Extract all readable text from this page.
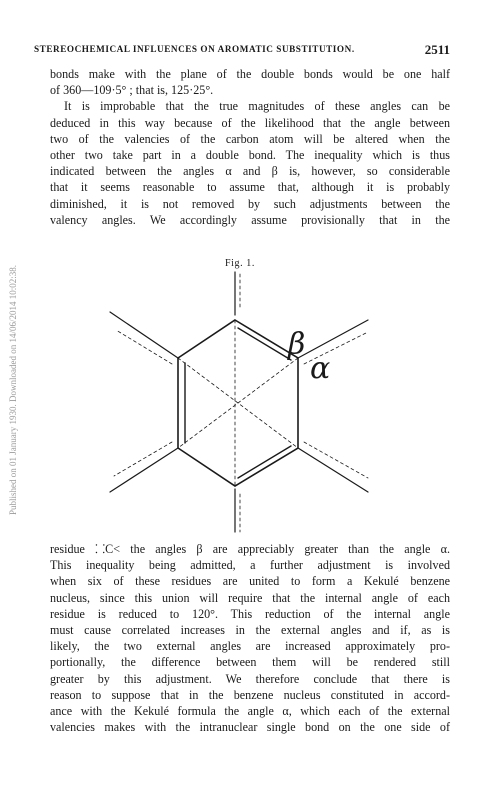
STEREOCHEMICAL INFLUENCES ON AROMATIC SUBSTITUTION.	2511
Published on 01 January 1930. Downloaded on 14/06/2014 10:02:38.

bonds make with the plane of the double bonds would be one half
of 360—109·5° ; that is, 125·25°.

It is improbable that the true magnitudes of these angles can be
deduced in this way because of the likelihood that the angle between
two of the valencies of the carbon atom will be altered when the
other two take part in a double bond. The inequality which is thus
indicated between the angles α and β is, however, so considerable
that it seems reasonable to assume that, although it is probably
diminished, it is not removed by such adjustments between the
valency angles. We accordingly assume provisionally that in the

Fig. 1.
β
α

residue ⸬C< the angles β are appreciably greater than the angle α.
This inequality being admitted, a further adjustment is involved
when six of these residues are united to form a Kekulé benzene
nucleus, since this union will require that the internal angle of each
residue is reduced to 120°. This reduction of the internal angle
must cause correlated increases in the external angles and if, as is
likely, the two external angles are increased approximately pro-
portionally, the difference between them will be rendered still
greater by this adjustment. We therefore conclude that there is
reason to suppose that in the benzene nucleus constituted in accord-
ance with the Kekulé formula the angle α, which each of the external
valencies makes with the intranuclear single bond on the one side of
